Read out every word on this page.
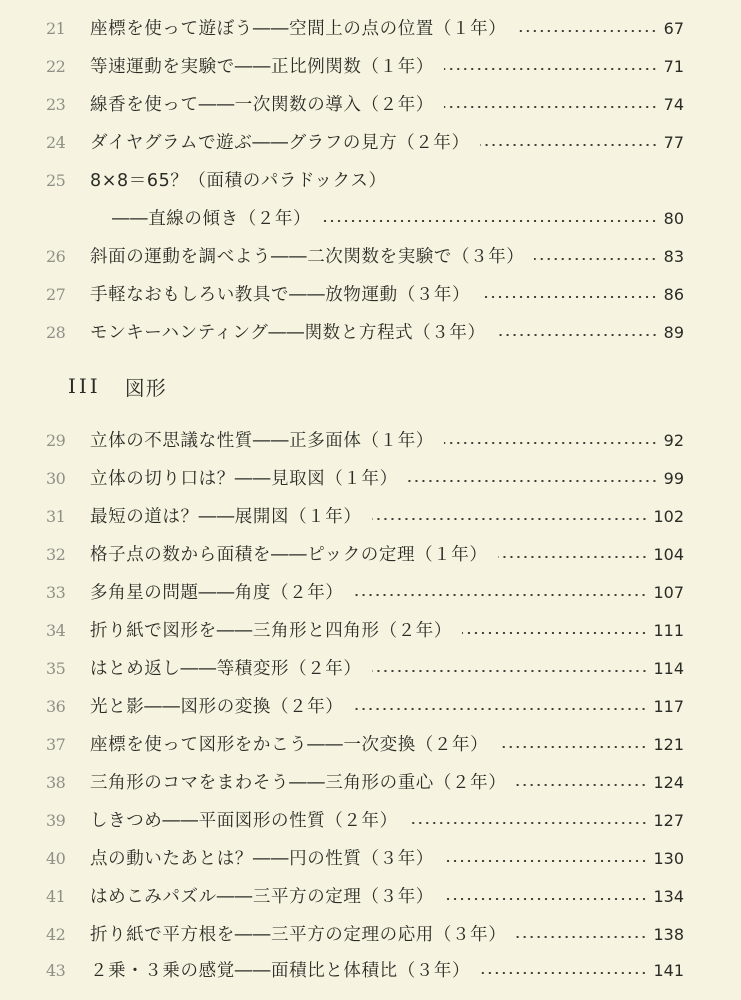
21 座標を使って遊ぼう――空間上の点の位置（１年）	67
22 等速運動を実験で――正比例関数（１年）	71
23 線香を使って――一次関数の導入（２年）	74
24 ダイヤグラムで遊ぶ――グラフの見方（２年）	77
25 8×8＝65？（面積のパラドックス）
――直線の傾き（２年）	80
26 斜面の運動を調べよう――二次関数を実験で（３年）	83
27 手軽なおもしろい教具で――放物運動（３年）	86
28 モンキーハンティング――関数と方程式（３年）	89
III 図形
29 立体の不思議な性質――正多面体（１年）	92
30 立体の切り口は？――見取図（１年）	99
31 最短の道は？――展開図（１年）	102
32 格子点の数から面積を――ピックの定理（１年）	104
33 多角星の問題――角度（２年）	107
34 折り紙で図形を――三角形と四角形（２年）	111
35 はとめ返し――等積変形（２年）	114
36 光と影――図形の変換（２年）	117
37 座標を使って図形をかこう――一次変換（２年）	121
38 三角形のコマをまわそう――三角形の重心（２年）	124
39 しきつめ――平面図形の性質（２年）	127
40 点の動いたあとは？――円の性質（３年）	130
41 はめこみパズル――三平方の定理（３年）	134
42 折り紙で平方根を――三平方の定理の応用（３年）	138
43 ２乗・３乗の感覚――面積比と体積比（３年）	141
